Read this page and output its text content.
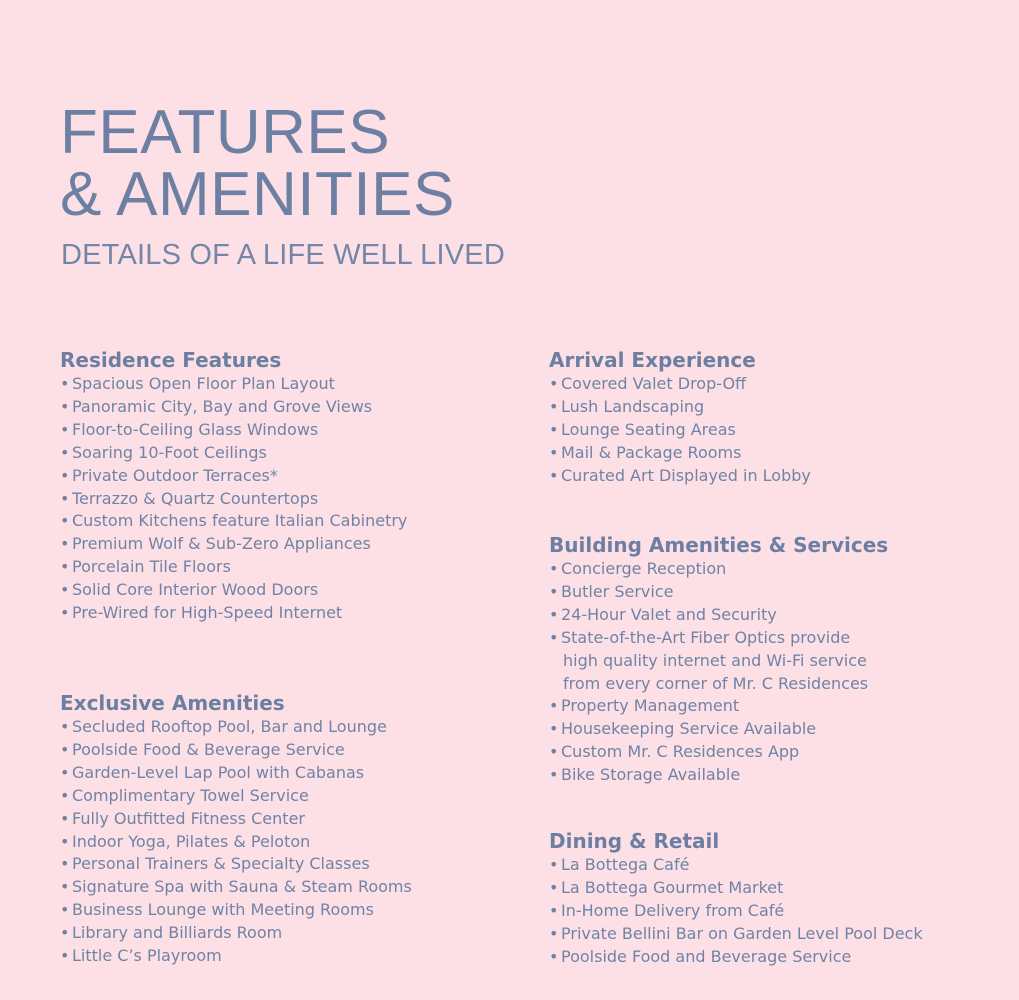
FEATURES
& AMENITIES

DETAILS OF A LIFE WELL LIVED

Residence Features
• Spacious Open Floor Plan Layout
• Panoramic City, Bay and Grove Views
• Floor-to-Ceiling Glass Windows
• Soaring 10-Foot Ceilings
• Private Outdoor Terraces*
• Terrazzo & Quartz Countertops
• Custom Kitchens feature Italian Cabinetry
• Premium Wolf & Sub-Zero Appliances
• Porcelain Tile Floors
• Solid Core Interior Wood Doors
• Pre-Wired for High-Speed Internet
Exclusive Amenities
• Secluded Rooftop Pool, Bar and Lounge
• Poolside Food & Beverage Service
• Garden-Level Lap Pool with Cabanas
• Complimentary Towel Service
• Fully Outfitted Fitness Center
• Indoor Yoga, Pilates & Peloton
• Personal Trainers & Specialty Classes
• Signature Spa with Sauna & Steam Rooms
• Business Lounge with Meeting Rooms
• Library and Billiards Room
• Little C’s Playroom
Arrival Experience
• Covered Valet Drop-Off
• Lush Landscaping
• Lounge Seating Areas
• Mail & Package Rooms
• Curated Art Displayed in Lobby
Building Amenities & Services
• Concierge Reception
• Butler Service
• 24-Hour Valet and Security
• State-of-the-Art Fiber Optics provide
high quality internet and Wi-Fi service
from every corner of Mr. C Residences
• Property Management
• Housekeeping Service Available
• Custom Mr. C Residences App
• Bike Storage Available
Dining & Retail
• La Bottega Café
• La Bottega Gourmet Market
• In-Home Delivery from Café
• Private Bellini Bar on Garden Level Pool Deck
• Poolside Food and Beverage Service
